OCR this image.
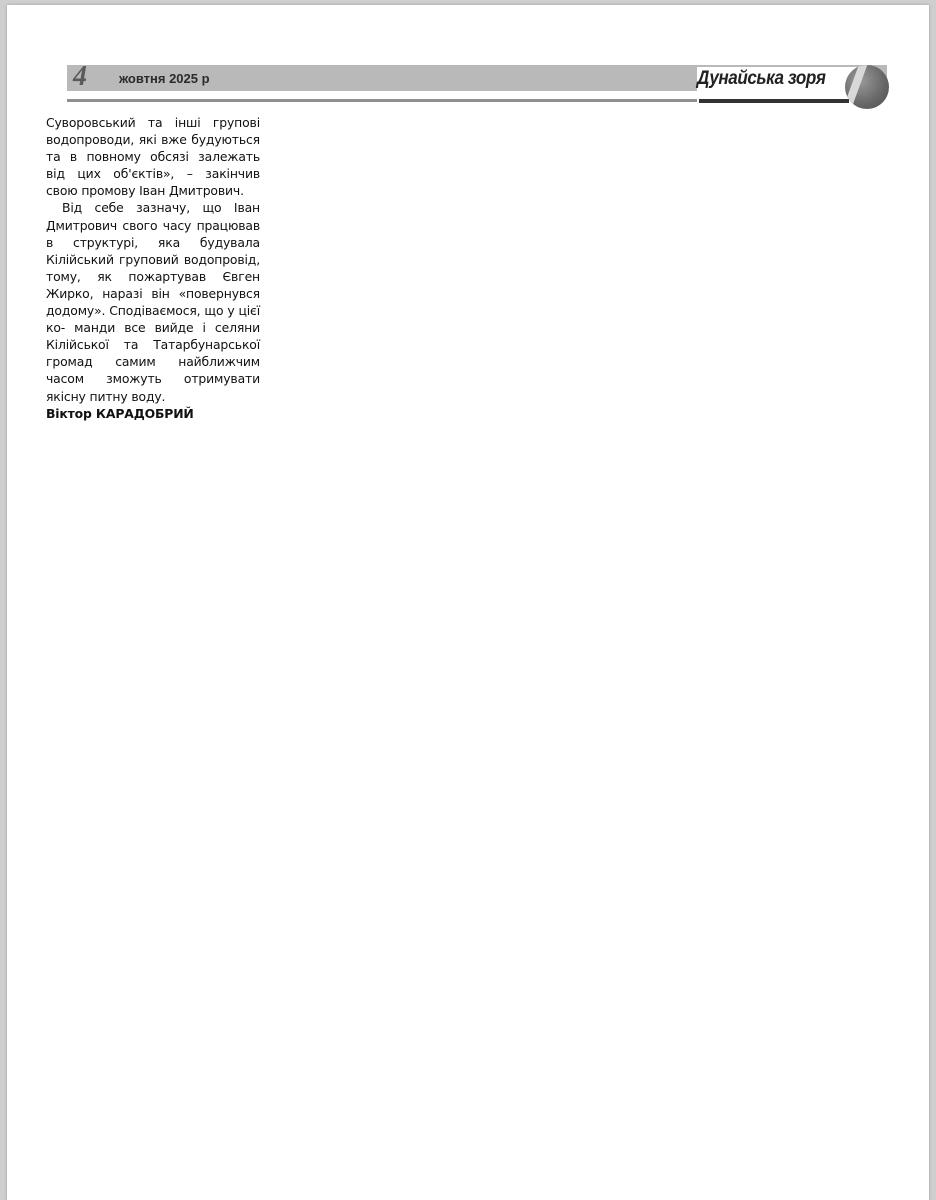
4 жовтня 2025 р	Дунайська зоря

Суворовський та інші групові водопроводи, які вже будуються та в повному обсязі залежать від цих об'єктів», – закінчив свою промову Іван Дмитрович.

Від себе зазначу, що Іван Дмитрович свого часу працював в структурі, яка будувала Кілійський груповий водопровід, тому, як пожартував Євген Жирко, наразі він «повернувся додому». Сподіваємося, що у цієї ко- манди все вийде і селяни Кілійської та Татарбунарської громад самим найближчим часом зможуть отримувати якісну питну воду.

Віктор КАРАДОБРИЙ
